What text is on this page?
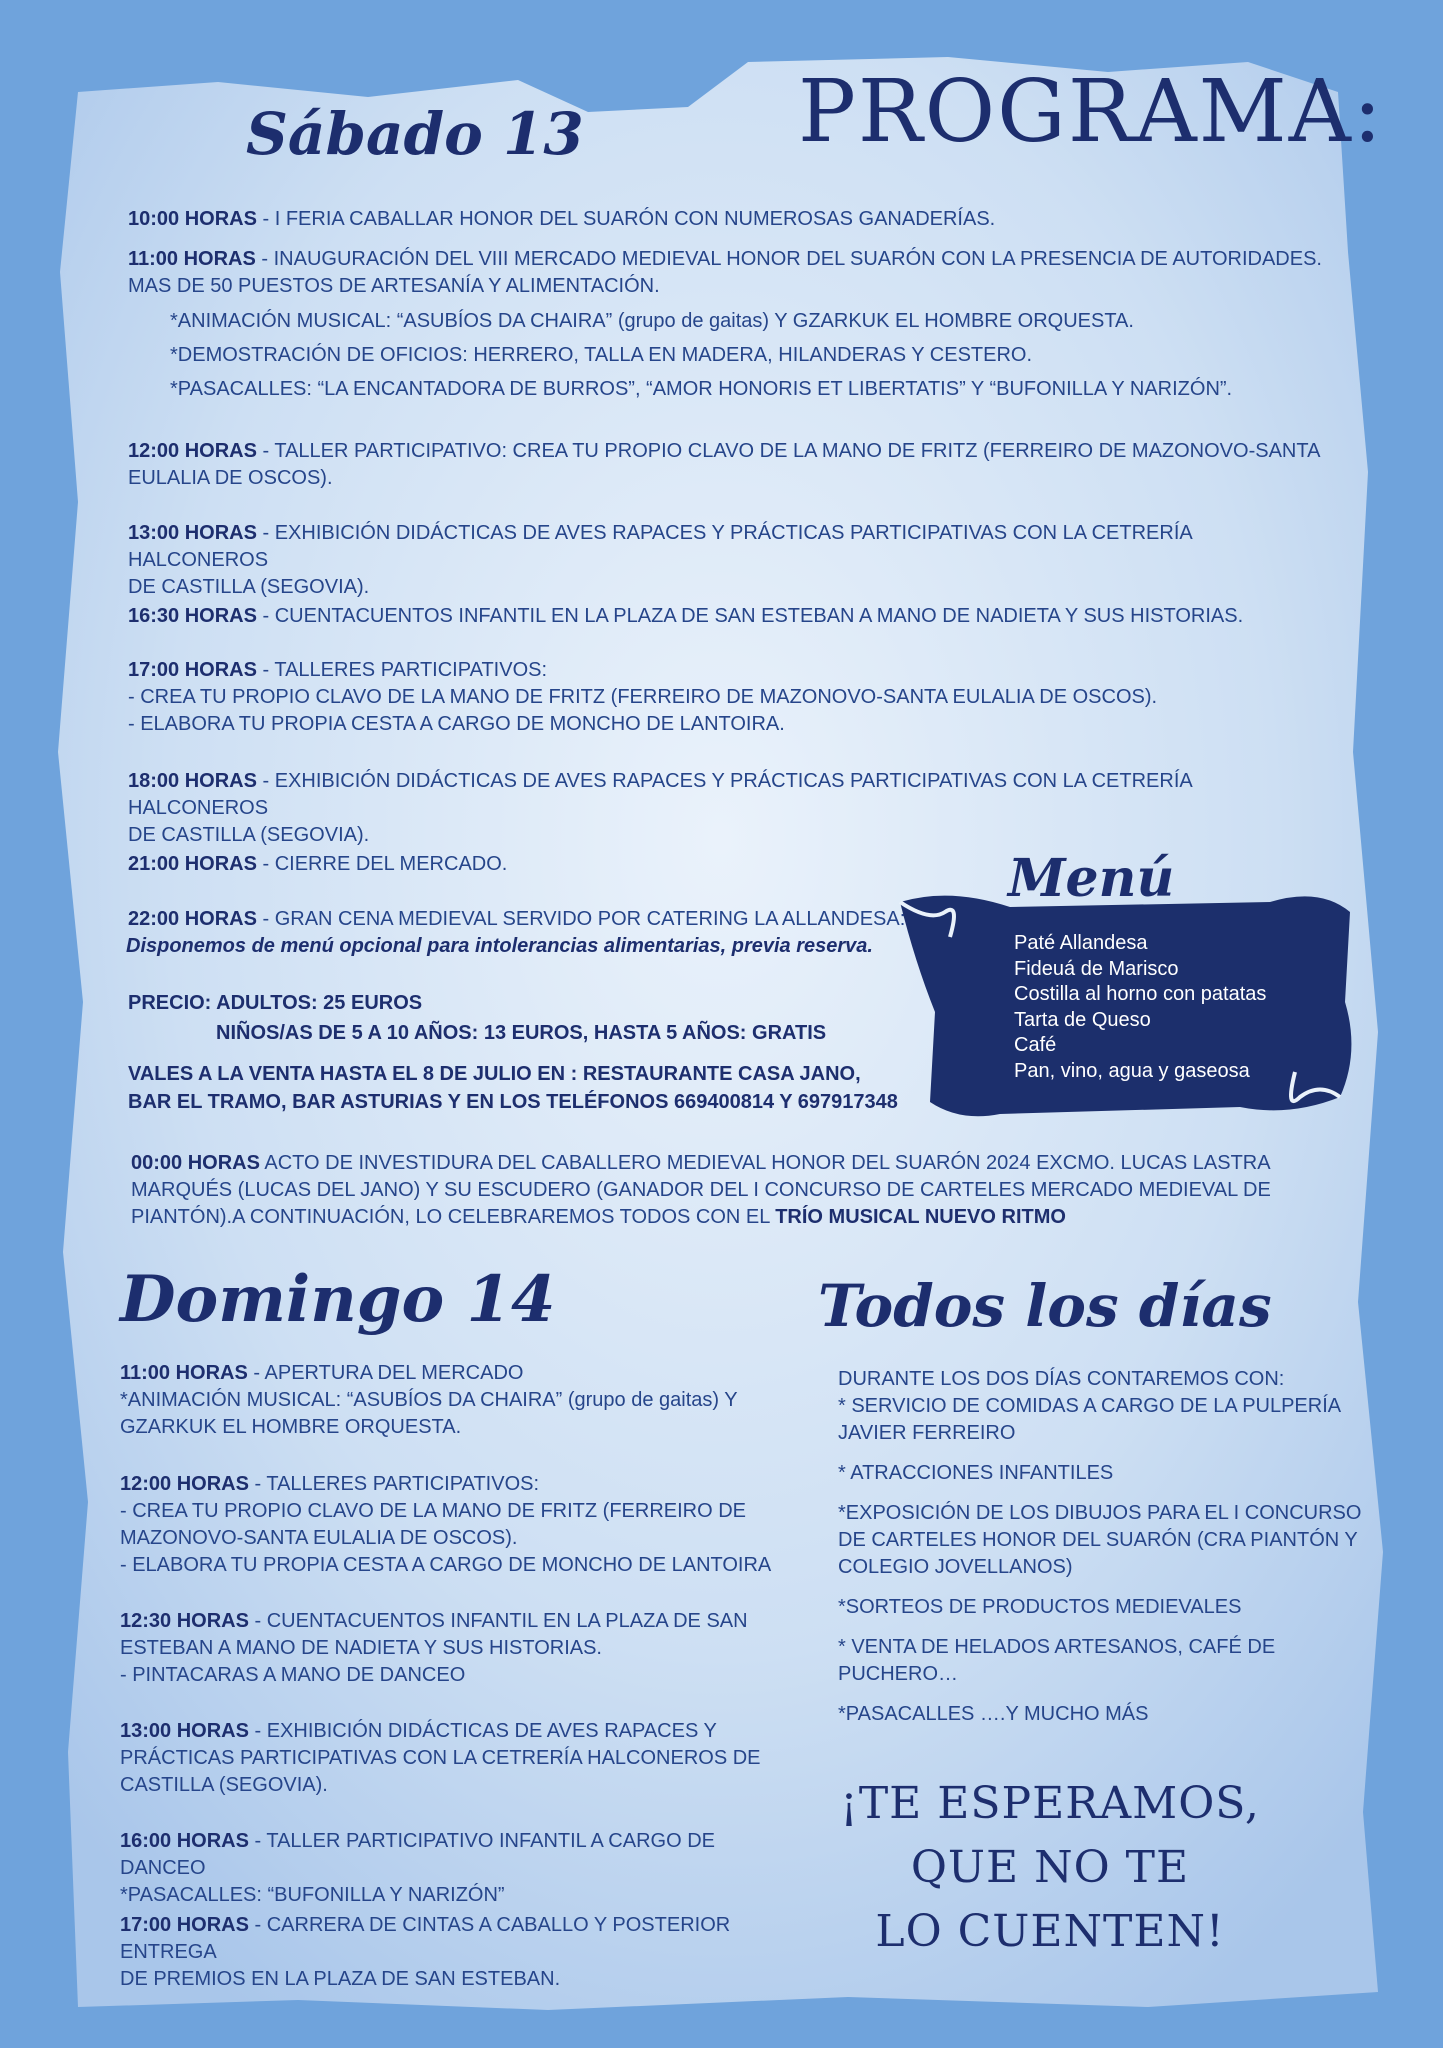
PROGRAMA:
Sábado 13

10:00 HORAS - I FERIA CABALLAR HONOR DEL SUARÓN CON NUMEROSAS GANADERÍAS.

11:00 HORAS - INAUGURACIÓN DEL VIII MERCADO MEDIEVAL HONOR DEL SUARÓN CON LA PRESENCIA DE AUTORIDADES.

MAS DE 50 PUESTOS DE ARTESANÍA Y ALIMENTACIÓN.

*ANIMACIÓN MUSICAL: “ASUBÍOS DA CHAIRA” (grupo de gaitas) Y GZARKUK EL HOMBRE ORQUESTA.

*DEMOSTRACIÓN DE OFICIOS: HERRERO, TALLA EN MADERA, HILANDERAS Y CESTERO.

*PASACALLES: “LA ENCANTADORA DE BURROS”, “AMOR HONORIS ET LIBERTATIS” Y “BUFONILLA Y NARIZÓN”.

12:00 HORAS - TALLER PARTICIPATIVO: CREA TU PROPIO CLAVO DE LA MANO DE FRITZ (FERREIRO DE MAZONOVO-SANTA

EULALIA DE OSCOS).

13:00 HORAS - EXHIBICIÓN DIDÁCTICAS DE AVES RAPACES Y PRÁCTICAS PARTICIPATIVAS CON LA CETRERÍA HALCONEROS

DE CASTILLA (SEGOVIA).

16:30 HORAS - CUENTACUENTOS INFANTIL EN LA PLAZA DE SAN ESTEBAN A MANO DE NADIETA Y SUS HISTORIAS.

17:00 HORAS - TALLERES PARTICIPATIVOS:

- CREA TU PROPIO CLAVO DE LA MANO DE FRITZ (FERREIRO DE MAZONOVO-SANTA EULALIA DE OSCOS).

- ELABORA TU PROPIA CESTA A CARGO DE MONCHO DE LANTOIRA.

18:00 HORAS - EXHIBICIÓN DIDÁCTICAS DE AVES RAPACES Y PRÁCTICAS PARTICIPATIVAS CON LA CETRERÍA HALCONEROS

DE CASTILLA (SEGOVIA).

21:00 HORAS - CIERRE DEL MERCADO.

22:00 HORAS - GRAN CENA MEDIEVAL SERVIDO POR CATERING LA ALLANDESA:

Disponemos de menú opcional para intolerancias alimentarias, previa reserva.

PRECIO: ADULTOS: 25 EUROS
NIÑOS/AS DE 5 A 10 AÑOS: 13 EUROS, HASTA 5 AÑOS: GRATIS
VALES A LA VENTA HASTA EL 8 DE JULIO EN : RESTAURANTE CASA JANO,
BAR EL TRAMO, BAR ASTURIAS Y EN LOS TELÉFONOS 669400814 Y 697917348
Menú
Paté Allandesa
Fideuá de Marisco
Costilla al horno con patatas
Tarta de Queso
Café
Pan, vino, agua y gaseosa

00:00 HORAS ACTO DE INVESTIDURA DEL CABALLERO MEDIEVAL HONOR DEL SUARÓN 2024 EXCMO. LUCAS LASTRA

MARQUÉS (LUCAS DEL JANO) Y SU ESCUDERO (GANADOR DEL I CONCURSO DE CARTELES MERCADO MEDIEVAL DE

PIANTÓN).A CONTINUACIÓN, LO CELEBRAREMOS TODOS CON EL TRÍO MUSICAL NUEVO RITMO

Domingo 14

11:00 HORAS - APERTURA DEL MERCADO

*ANIMACIÓN MUSICAL: “ASUBÍOS DA CHAIRA” (grupo de gaitas) Y

GZARKUK EL HOMBRE ORQUESTA.

12:00 HORAS - TALLERES PARTICIPATIVOS:

- CREA TU PROPIO CLAVO DE LA MANO DE FRITZ (FERREIRO DE

MAZONOVO-SANTA EULALIA DE OSCOS).

- ELABORA TU PROPIA CESTA A CARGO DE MONCHO DE LANTOIRA

12:30 HORAS - CUENTACUENTOS INFANTIL EN LA PLAZA DE SAN

ESTEBAN A MANO DE NADIETA Y SUS HISTORIAS.

- PINTACARAS A MANO DE DANCEO

13:00 HORAS - EXHIBICIÓN DIDÁCTICAS DE AVES RAPACES Y

PRÁCTICAS PARTICIPATIVAS CON LA CETRERÍA HALCONEROS DE

CASTILLA (SEGOVIA).

16:00 HORAS - TALLER PARTICIPATIVO INFANTIL A CARGO DE DANCEO

*PASACALLES: “BUFONILLA Y NARIZÓN”

17:00 HORAS - CARRERA DE CINTAS A CABALLO Y POSTERIOR ENTREGA

DE PREMIOS EN LA PLAZA DE SAN ESTEBAN.

Todos los días

DURANTE LOS DOS DÍAS CONTAREMOS CON:

* SERVICIO DE COMIDAS A CARGO DE LA PULPERÍA

JAVIER FERREIRO

* ATRACCIONES INFANTILES

*EXPOSICIÓN DE LOS DIBUJOS PARA EL I CONCURSO

DE CARTELES HONOR DEL SUARÓN (CRA PIANTÓN Y

COLEGIO JOVELLANOS)

*SORTEOS DE PRODUCTOS MEDIEVALES

* VENTA DE HELADOS ARTESANOS, CAFÉ DE

PUCHERO…

*PASACALLES ….Y MUCHO MÁS

¡TE ESPERAMOS,
QUE NO TE
LO CUENTEN!
